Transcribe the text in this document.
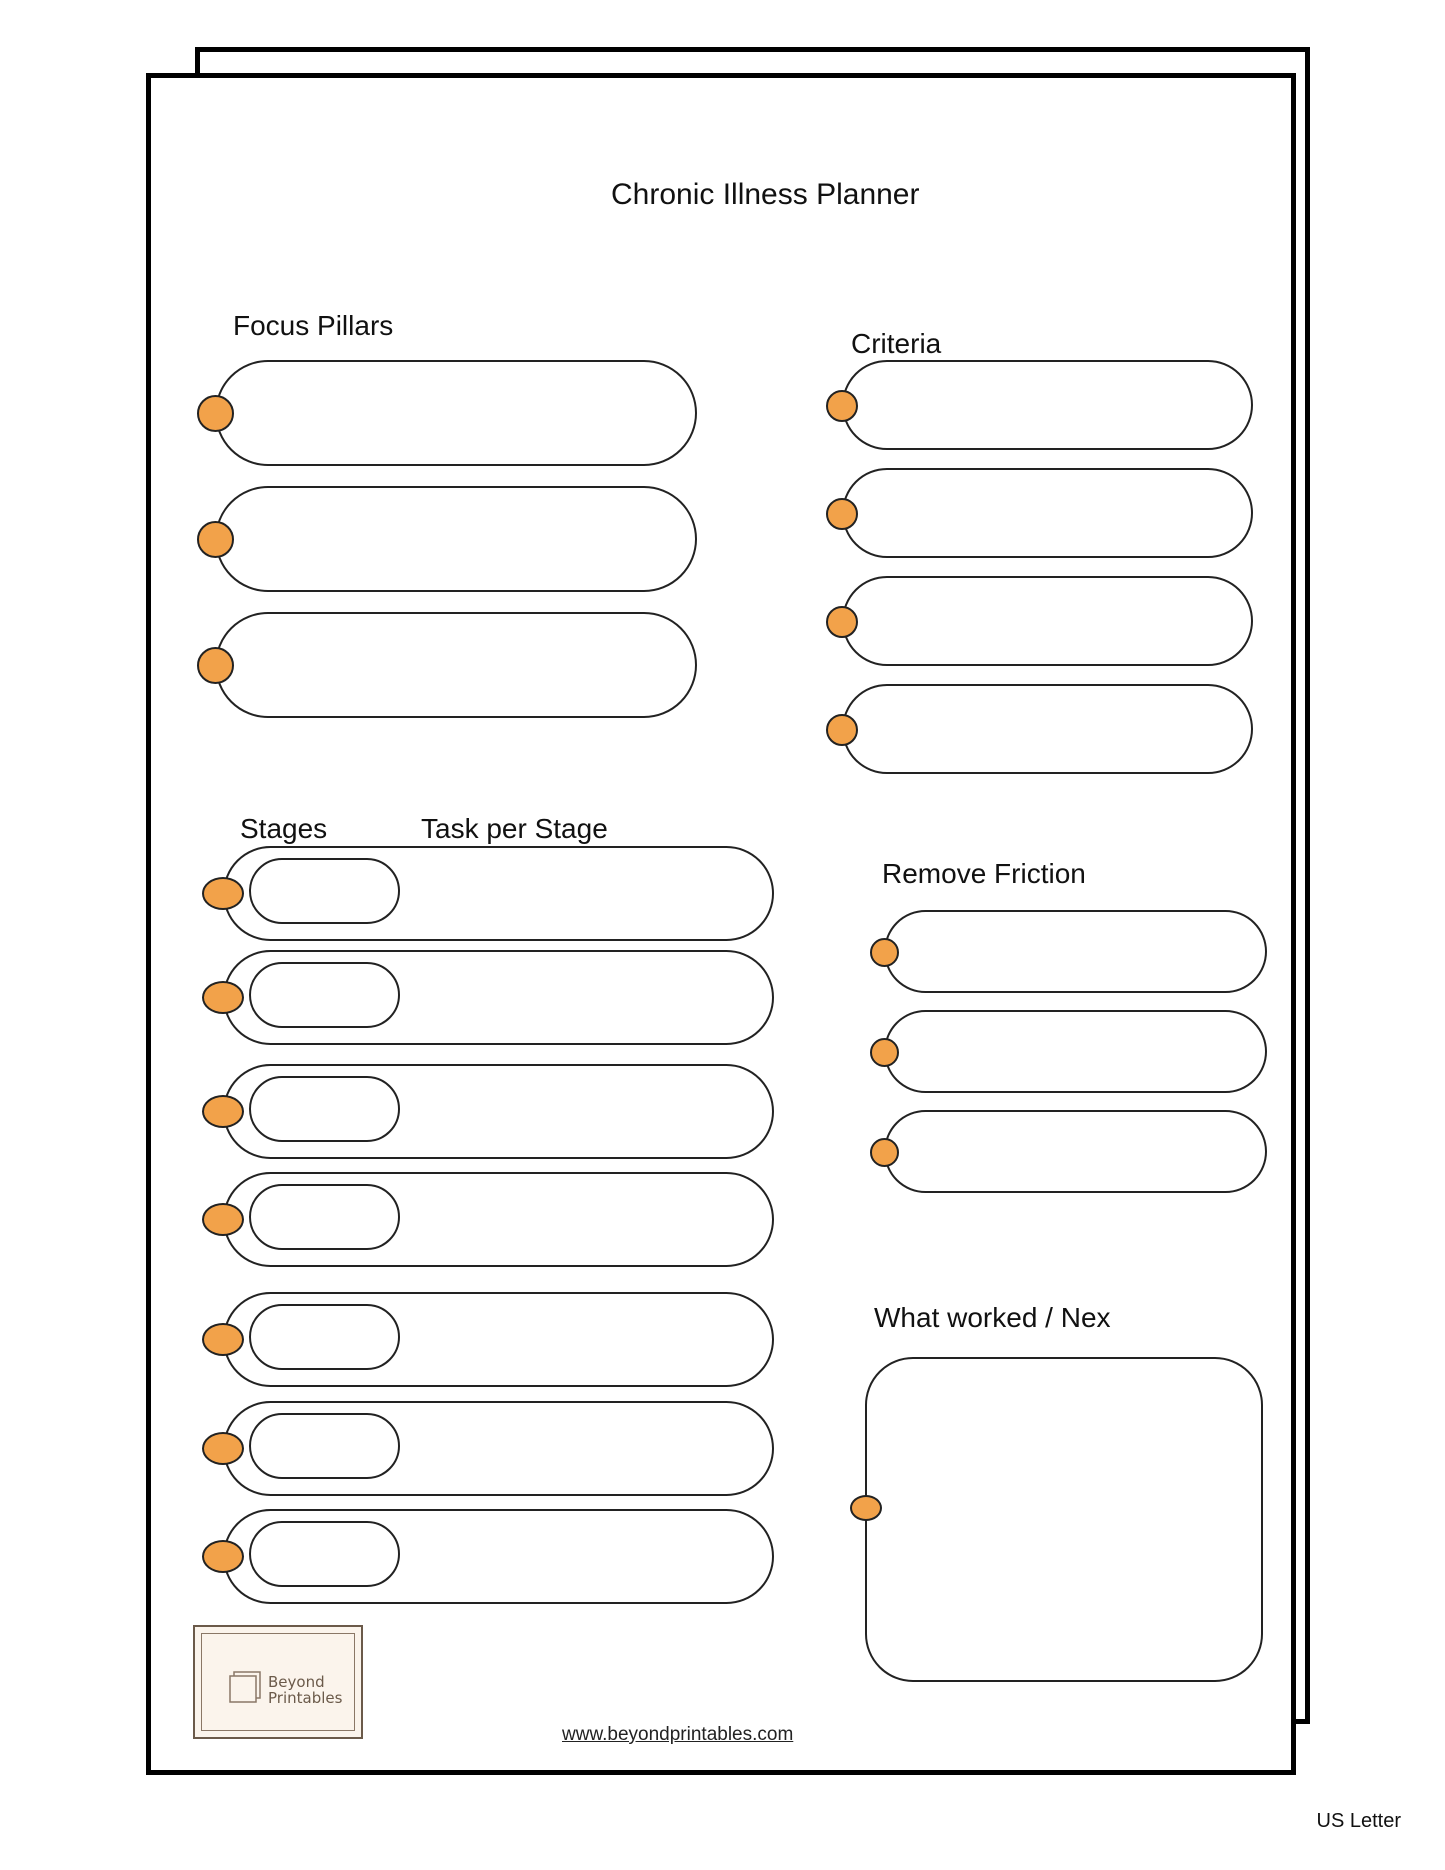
Chronic Illness Planner
Focus Pillars
Criteria
Stages	Task per Stage
Remove Friction
What worked / Nex
Beyond
Printables
www.beyondprintables.com
US Letter
